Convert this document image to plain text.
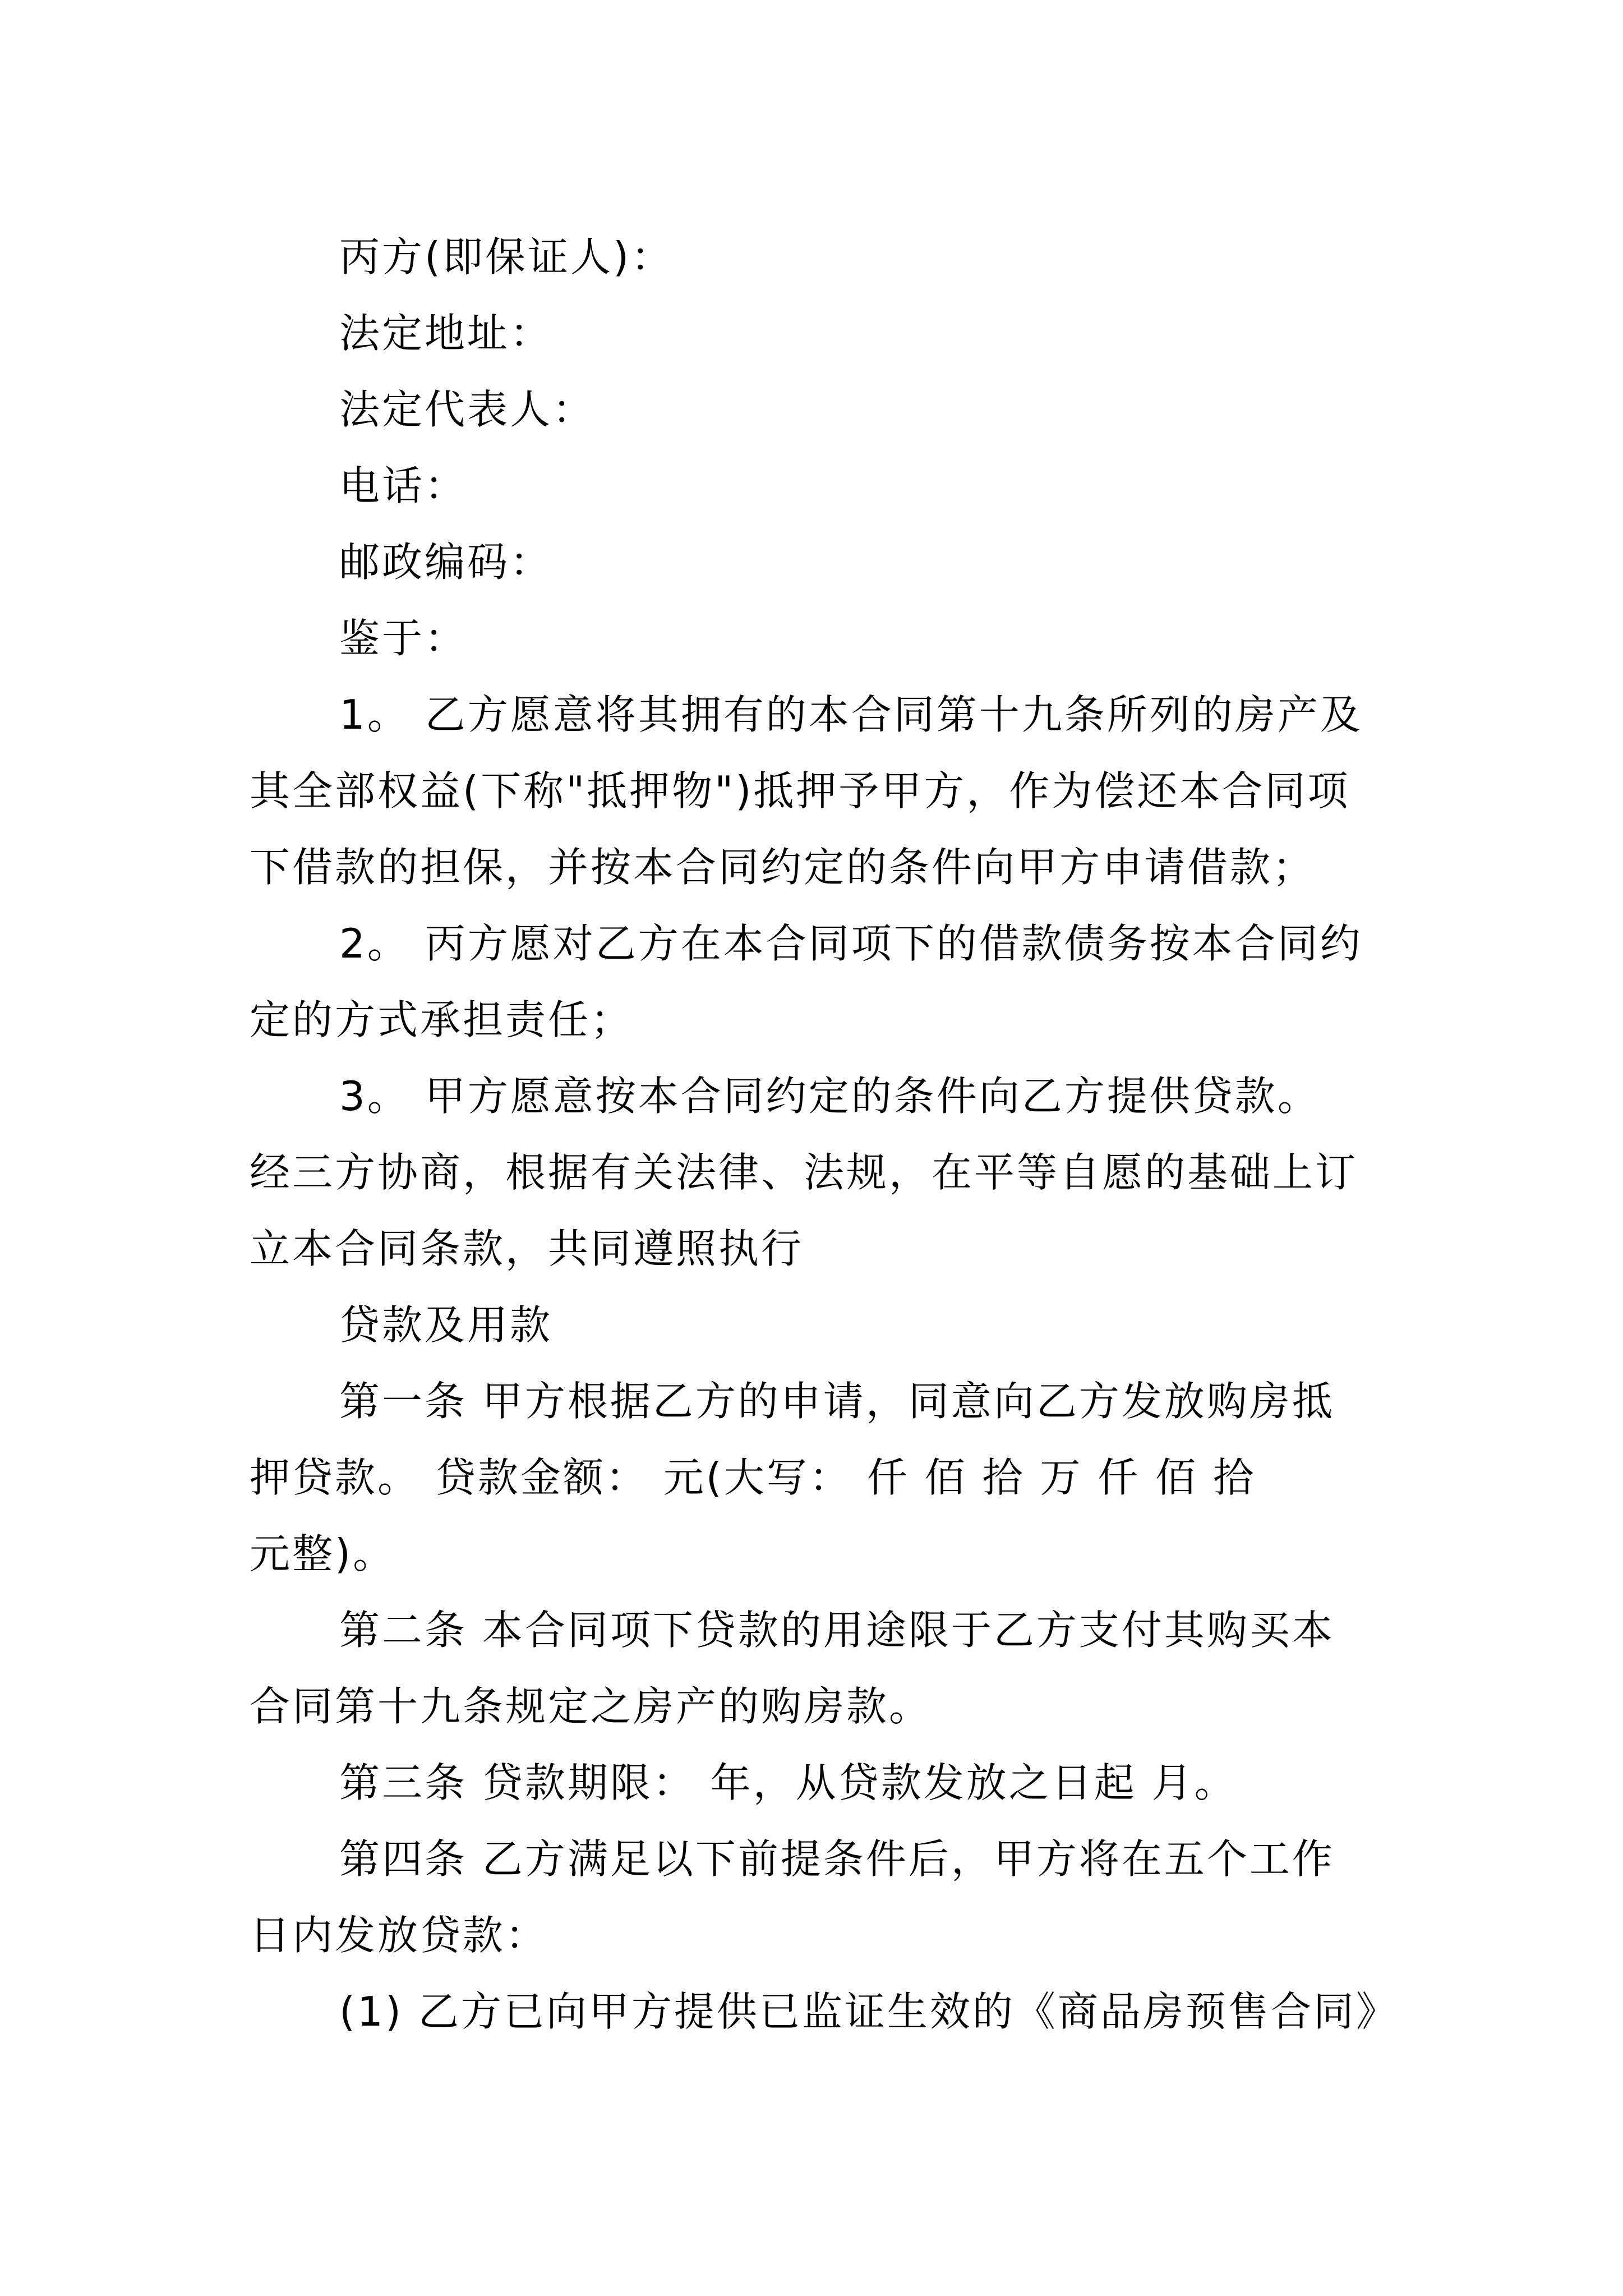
丙方(即保证人)：
法定地址：
法定代表人：
电话：
邮政编码：
鉴于：
1。 乙方愿意将其拥有的本合同第十九条所列的房产及
其全部权益(下称"抵押物")抵押予甲方，作为偿还本合同项
下借款的担保，并按本合同约定的条件向甲方申请借款；
2。 丙方愿对乙方在本合同项下的借款债务按本合同约
定的方式承担责任；
3。 甲方愿意按本合同约定的条件向乙方提供贷款。
经三方协商，根据有关法律、法规，在平等自愿的基础上订
立本合同条款，共同遵照执行
贷款及用款
第一条 甲方根据乙方的申请，同意向乙方发放购房抵
押贷款。 贷款金额： 元(大写： 仟 佰 拾 万 仟 佰 拾
元整)。
第二条 本合同项下贷款的用途限于乙方支付其购买本
合同第十九条规定之房产的购房款。
第三条 贷款期限： 年，从贷款发放之日起 月。
第四条 乙方满足以下前提条件后，甲方将在五个工作
日内发放贷款：
(1) 乙方已向甲方提供已监证生效的《商品房预售合同》
